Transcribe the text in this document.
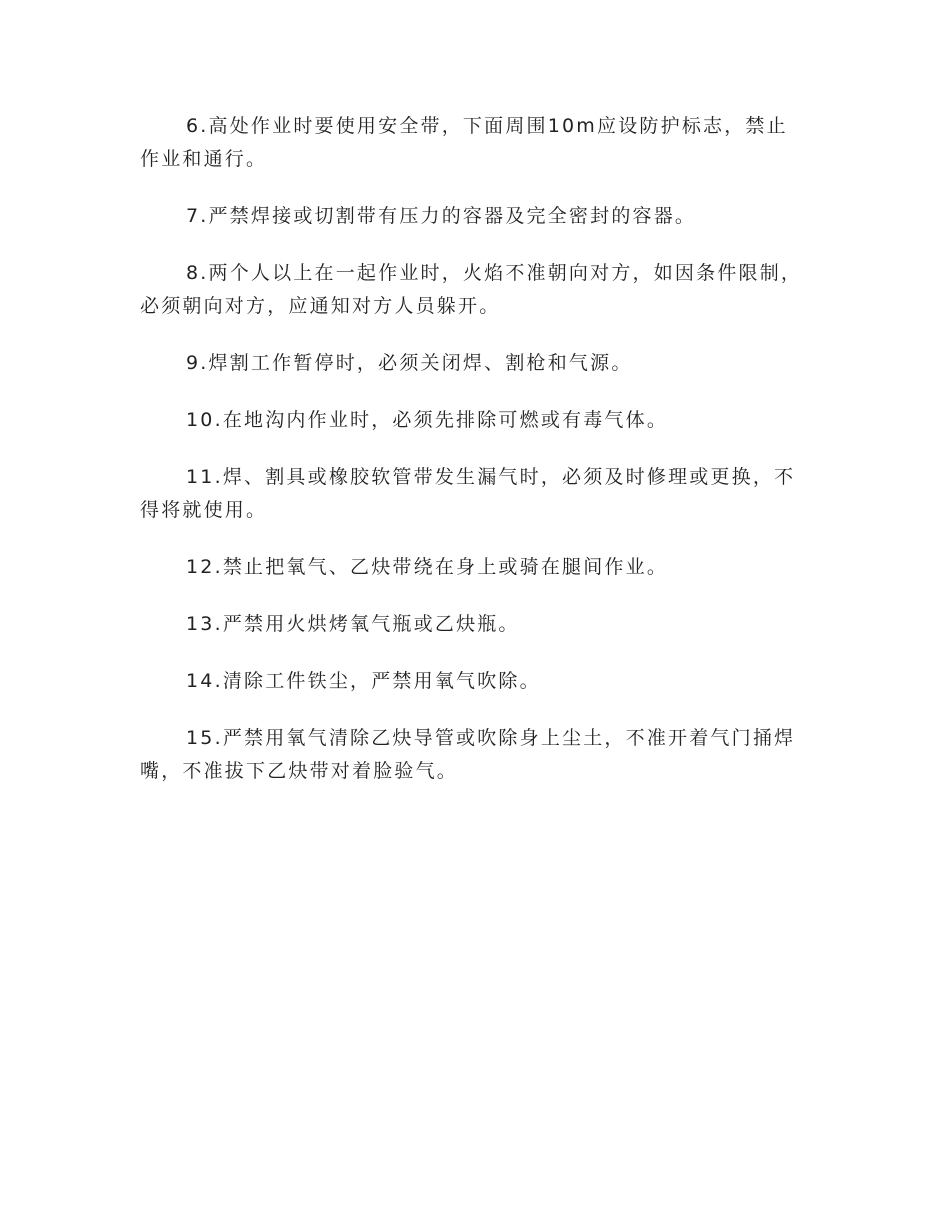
6.高处作业时要使用安全带，下面周围10m应设防护标志，禁止作业和通行。

7.严禁焊接或切割带有压力的容器及完全密封的容器。

8.两个人以上在一起作业时，火焰不准朝向对方，如因条件限制，必须朝向对方，应通知对方人员躲开。

9.焊割工作暂停时，必须关闭焊、割枪和气源。

10.在地沟内作业时，必须先排除可燃或有毒气体。

11.焊、割具或橡胶软管带发生漏气时，必须及时修理或更换，不得将就使用。

12.禁止把氧气、乙炔带绕在身上或骑在腿间作业。

13.严禁用火烘烤氧气瓶或乙炔瓶。

14.清除工件铁尘，严禁用氧气吹除。

15.严禁用氧气清除乙炔导管或吹除身上尘土，不准开着气门捅焊嘴，不准拔下乙炔带对着脸验气。
